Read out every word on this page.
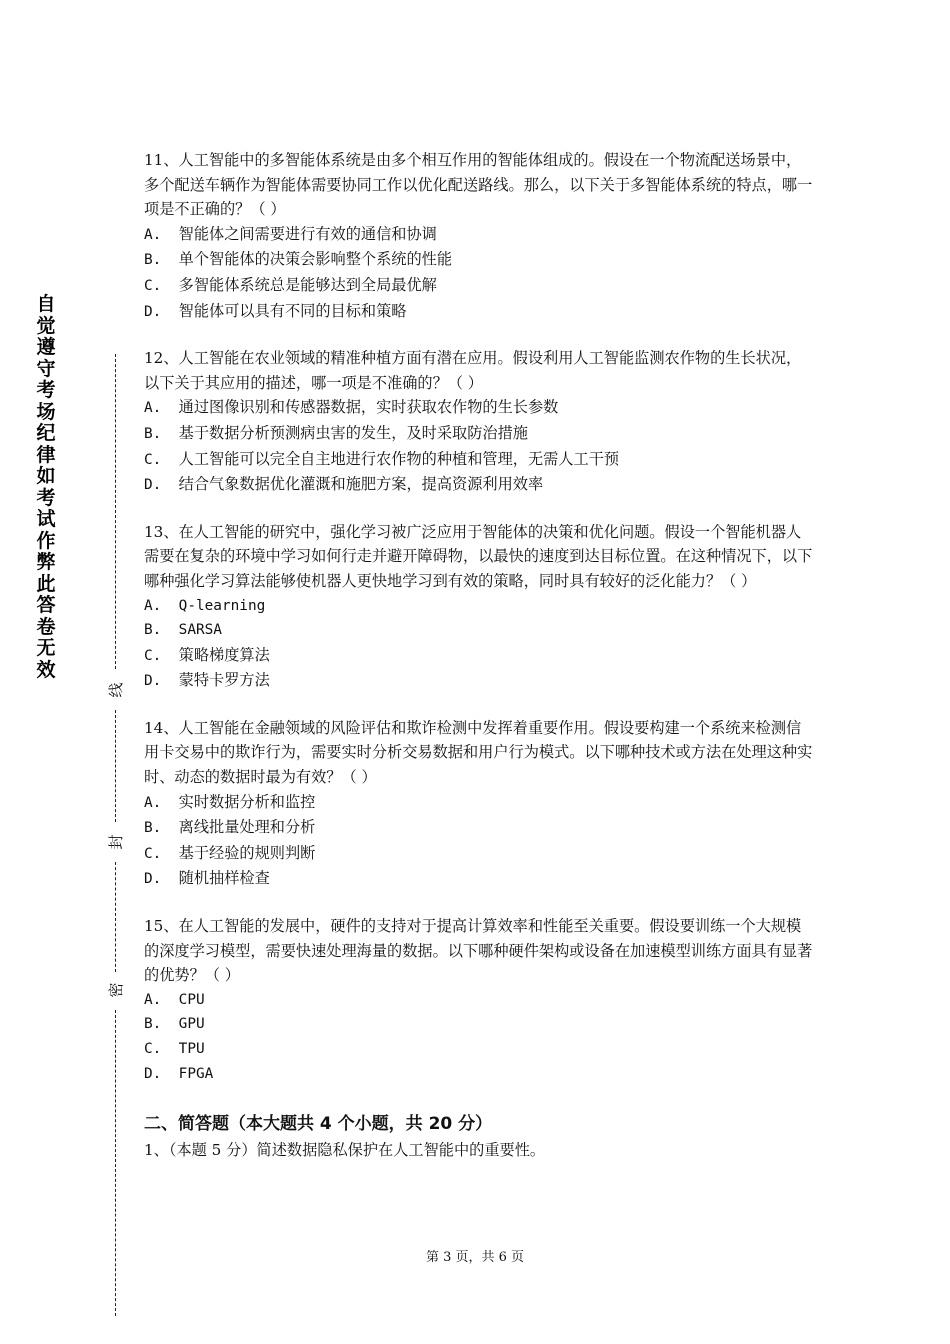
自觉遵守考场纪律如考试作弊此答卷无效
线
封
密

11、人工智能中的多智能体系统是由多个相互作用的智能体组成的。假设在一个物流配送场景中，多个配送车辆作为智能体需要协同工作以优化配送路线。那么，以下关于多智能体系统的特点，哪一项是不正确的？（ ）

A. 智能体之间需要进行有效的通信和协调

B. 单个智能体的决策会影响整个系统的性能

C. 多智能体系统总是能够达到全局最优解

D. 智能体可以具有不同的目标和策略

12、人工智能在农业领域的精准种植方面有潜在应用。假设利用人工智能监测农作物的生长状况，以下关于其应用的描述，哪一项是不准确的？（ ）

A. 通过图像识别和传感器数据，实时获取农作物的生长参数

B. 基于数据分析预测病虫害的发生，及时采取防治措施

C. 人工智能可以完全自主地进行农作物的种植和管理，无需人工干预

D. 结合气象数据优化灌溉和施肥方案，提高资源利用效率

13、在人工智能的研究中，强化学习被广泛应用于智能体的决策和优化问题。假设一个智能机器人需要在复杂的环境中学习如何行走并避开障碍物，以最快的速度到达目标位置。在这种情况下，以下哪种强化学习算法能够使机器人更快地学习到有效的策略，同时具有较好的泛化能力？（ ）

A. Q-learning

B. SARSA

C. 策略梯度算法

D. 蒙特卡罗方法

14、人工智能在金融领域的风险评估和欺诈检测中发挥着重要作用。假设要构建一个系统来检测信用卡交易中的欺诈行为，需要实时分析交易数据和用户行为模式。以下哪种技术或方法在处理这种实时、动态的数据时最为有效？（ ）

A. 实时数据分析和监控

B. 离线批量处理和分析

C. 基于经验的规则判断

D. 随机抽样检查

15、在人工智能的发展中，硬件的支持对于提高计算效率和性能至关重要。假设要训练一个大规模的深度学习模型，需要快速处理海量的数据。以下哪种硬件架构或设备在加速模型训练方面具有显著的优势？（ ）

A. CPU

B. GPU

C. TPU

D. FPGA

二、简答题（本大题共 4 个小题，共 20 分）

1、（本题 5 分）简述数据隐私保护在人工智能中的重要性。

第 3 页，共 6 页
